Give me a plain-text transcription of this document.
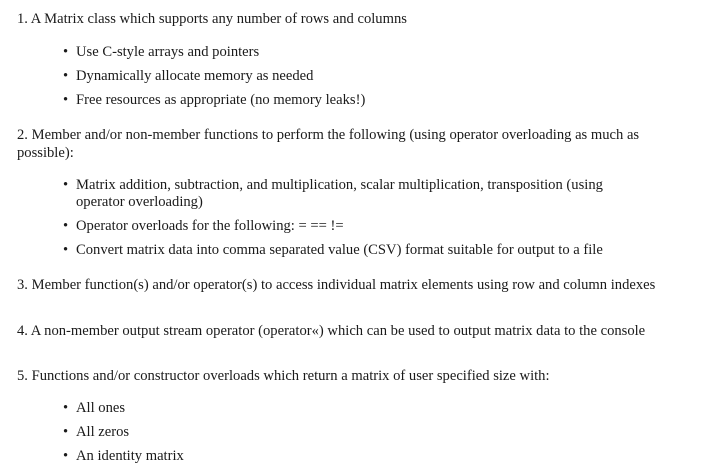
1. A Matrix class which supports any number of rows and columns

• Use C-style arrays and pointers
• Dynamically allocate memory as needed
• Free resources as appropriate (no memory leaks!)

2. Member and/or non-member functions to perform the following (using operator overloading as much as possible):

• Matrix addition, subtraction, and multiplication, scalar multiplication, transposition (using operator overloading)
• Operator overloads for the following: = == !=
• Convert matrix data into comma separated value (CSV) format suitable for output to a file

3. Member function(s) and/or operator(s) to access individual matrix elements using row and column indexes

4. A non-member output stream operator (operator«) which can be used to output matrix data to the console

5. Functions and/or constructor overloads which return a matrix of user specified size with:

• All ones
• All zeros
• An identity matrix
